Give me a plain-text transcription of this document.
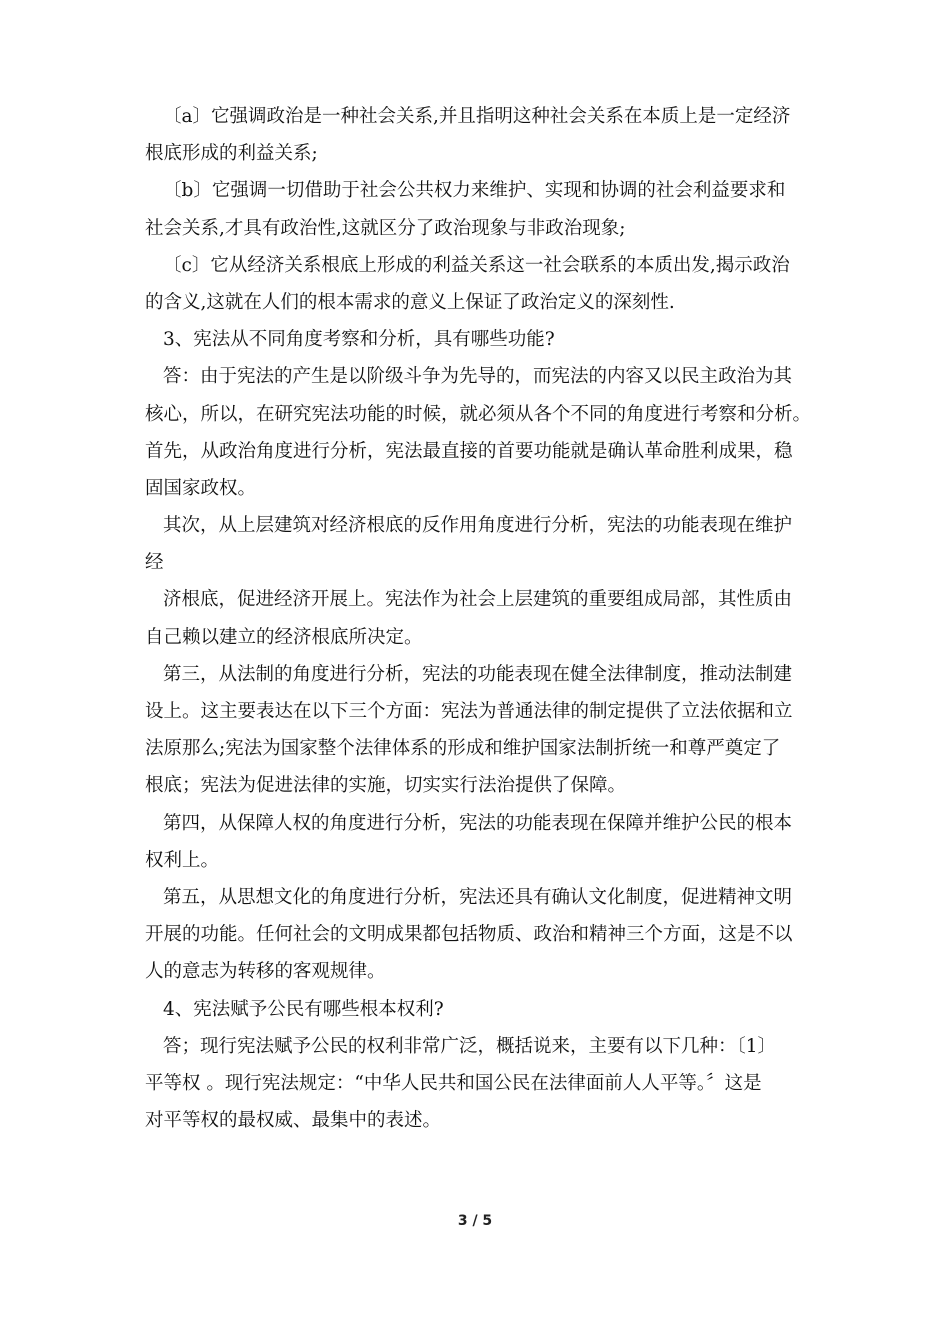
〔a〕它强调政治是一种社会关系,并且指明这种社会关系在本质上是一定经济
根底形成的利益关系;
〔b〕它强调一切借助于社会公共权力来维护、实现和协调的社会利益要求和
社会关系,才具有政治性,这就区分了政治现象与非政治现象;
〔c〕它从经济关系根底上形成的利益关系这一社会联系的本质出发,揭示政治
的含义,这就在人们的根本需求的意义上保证了政治定义的深刻性.
3、宪法从不同角度考察和分析，具有哪些功能?
答：由于宪法的产生是以阶级斗争为先导的，而宪法的内容又以民主政治为其
核心，所以，在研究宪法功能的时候，就必须从各个不同的角度进行考察和分析。
首先，从政治角度进行分析，宪法最直接的首要功能就是确认革命胜利成果，稳
固国家政权。
其次，从上层建筑对经济根底的反作用角度进行分析，宪法的功能表现在维护
经
济根底，促进经济开展上。宪法作为社会上层建筑的重要组成局部，其性质由
自己赖以建立的经济根底所决定。
第三，从法制的角度进行分析，宪法的功能表现在健全法律制度，推动法制建
设上。这主要表达在以下三个方面：宪法为普通法律的制定提供了立法依据和立
法原那么;宪法为国家整个法律体系的形成和维护国家法制折统一和尊严奠定了
根底；宪法为促进法律的实施，切实实行法治提供了保障。
第四，从保障人权的角度进行分析，宪法的功能表现在保障并维护公民的根本
权利上。
第五，从思想文化的角度进行分析，宪法还具有确认文化制度，促进精神文明
开展的功能。任何社会的文明成果都包括物质、政治和精神三个方面，这是不以
人的意志为转移的客观规律。
4、宪法赋予公民有哪些根本权利?
答；现行宪法赋予公民的权利非常广泛，概括说来，主要有以下几种：〔1〕
平等权 。现行宪法规定：“中华人民共和国公民在法律面前人人平等。〞这是
对平等权的最权威、最集中的表述。
3 / 5
